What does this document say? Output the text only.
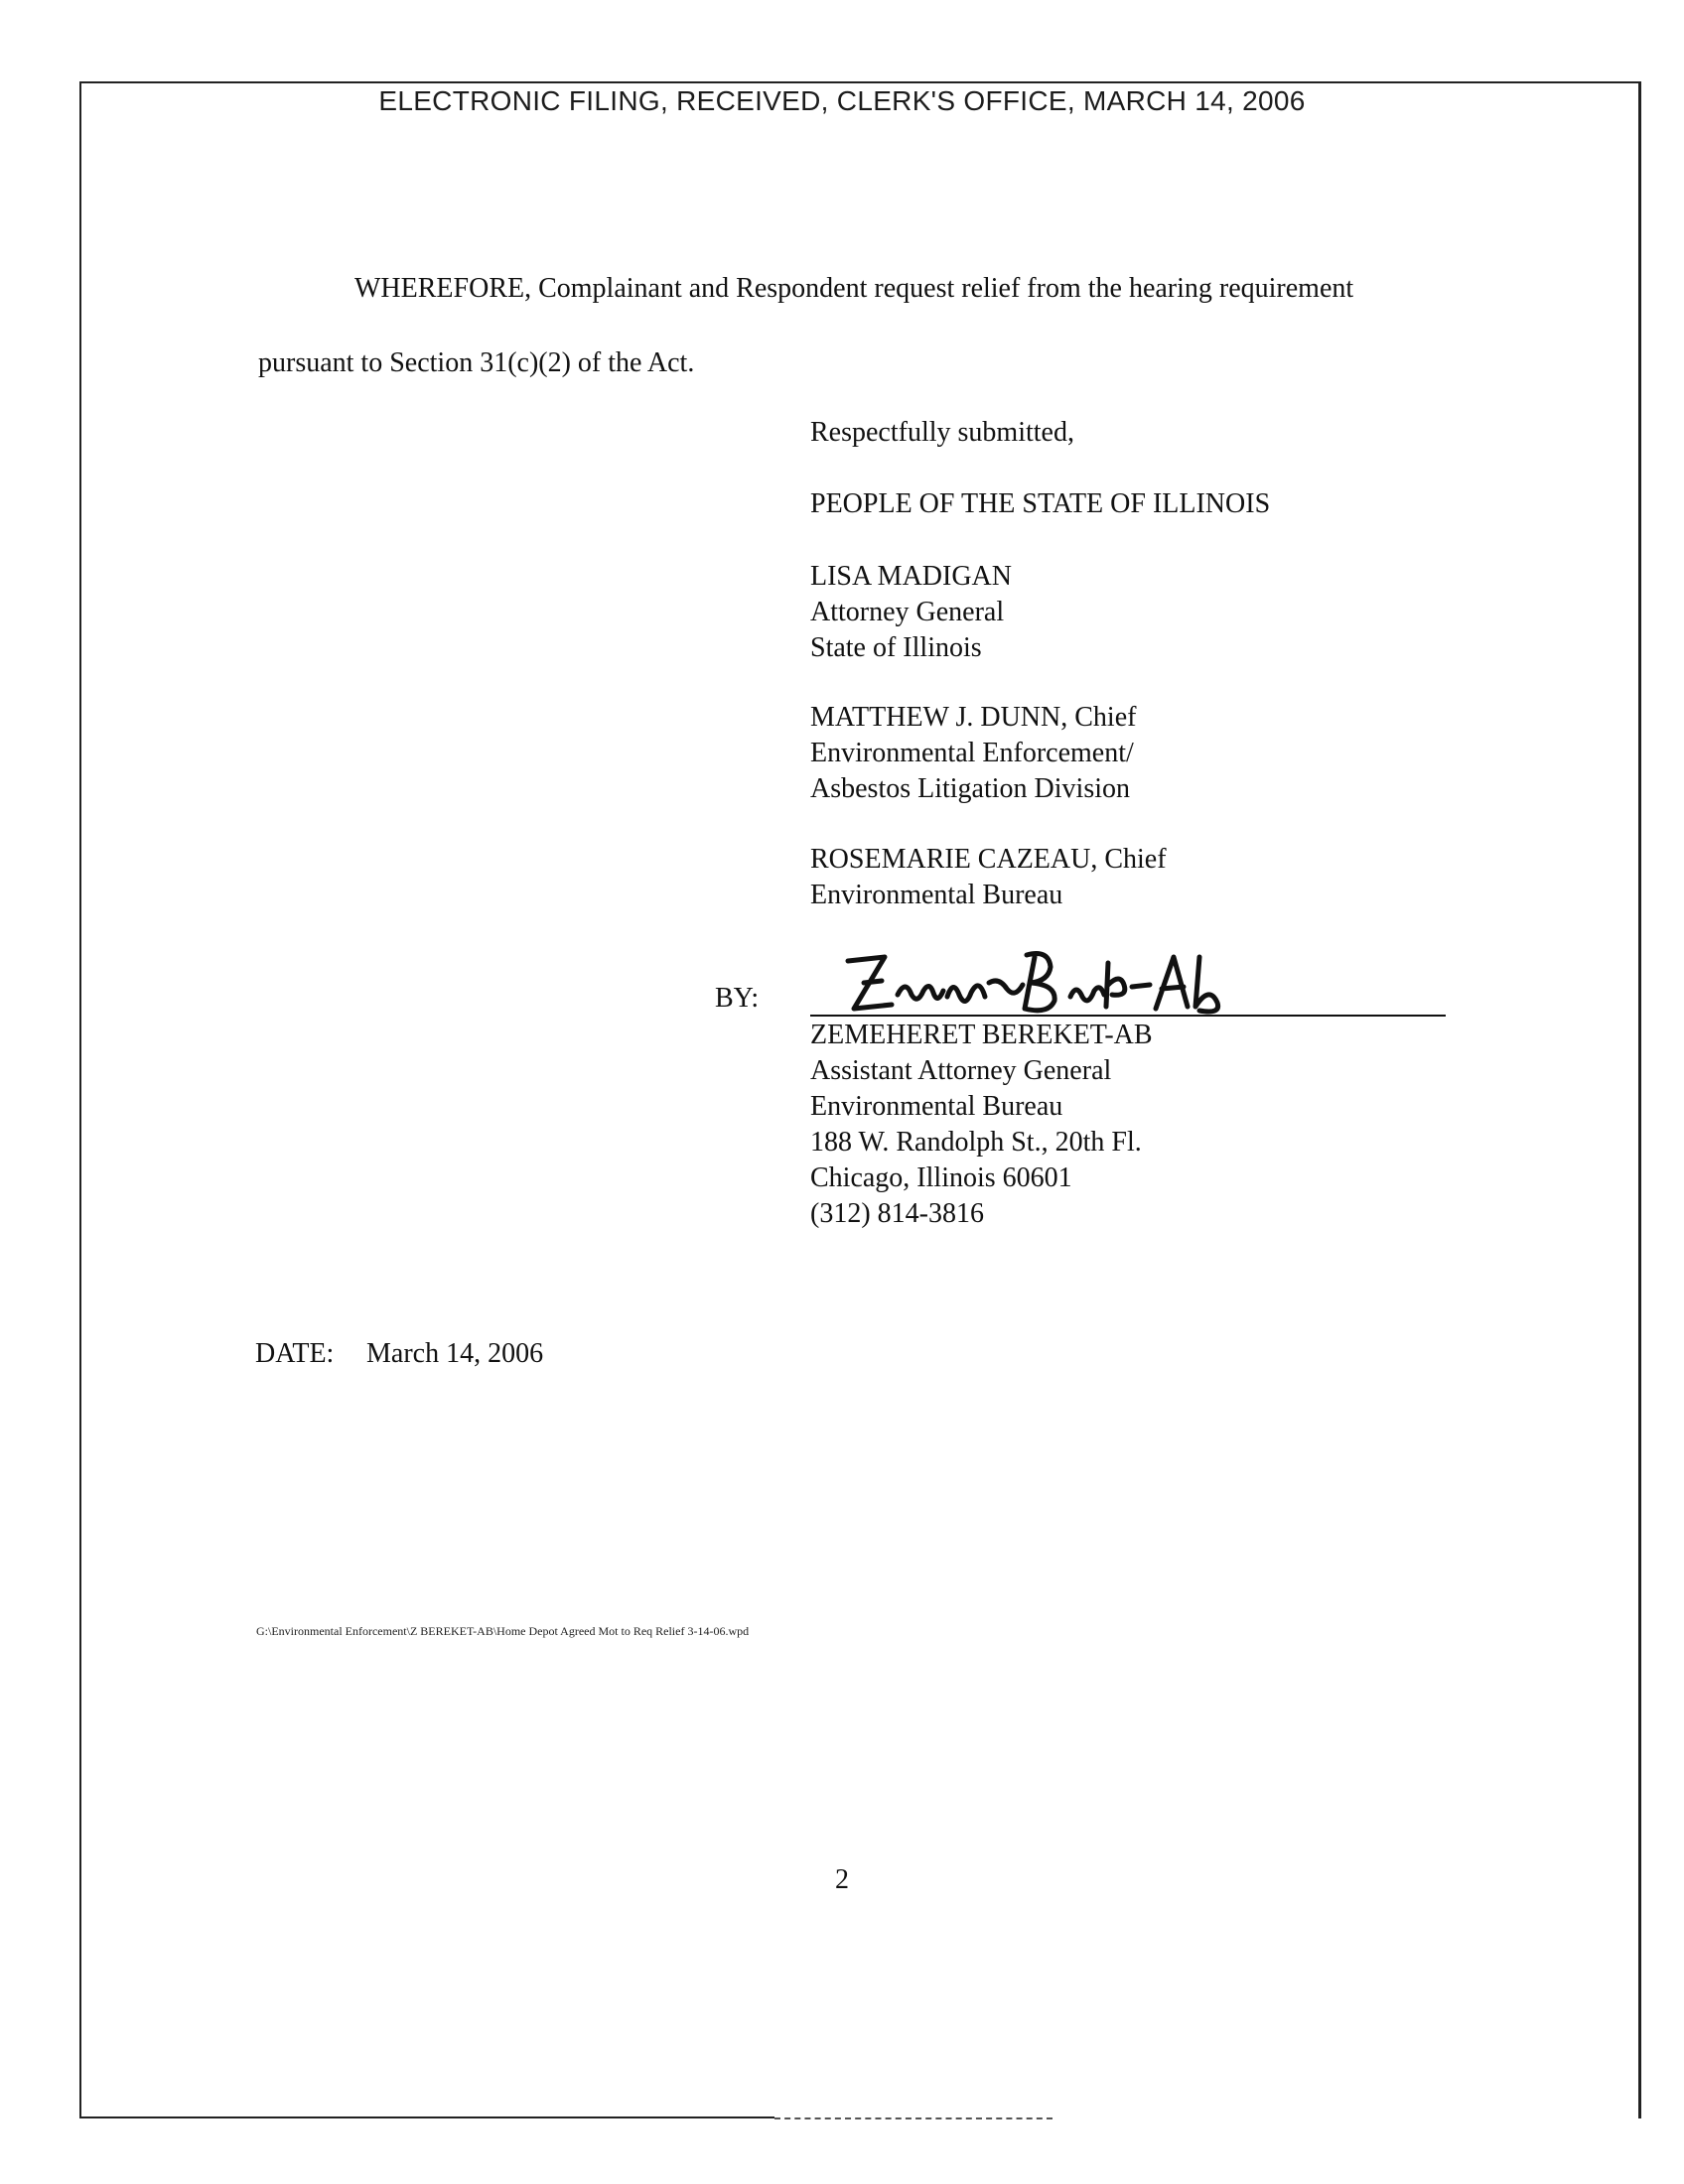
ELECTRONIC FILING, RECEIVED, CLERK'S OFFICE, MARCH 14, 2006
WHEREFORE, Complainant and Respondent request relief from the hearing requirement
pursuant to Section 31(c)(2) of the Act.
Respectfully submitted,
PEOPLE OF THE STATE OF ILLINOIS
LISA MADIGAN
Attorney General
State of Illinois
MATTHEW J. DUNN, Chief
Environmental Enforcement/
Asbestos Litigation Division
ROSEMARIE CAZEAU, Chief
Environmental Bureau
BY:
ZEMEHERET BEREKET-AB
Assistant Attorney General
Environmental Bureau
188 W. Randolph St., 20th Fl.
Chicago, Illinois 60601
(312) 814-3816
DATE: March 14, 2006
G:\Environmental Enforcement\Z BEREKET-AB\Home Depot Agreed Mot to Req Relief 3-14-06.wpd
2
